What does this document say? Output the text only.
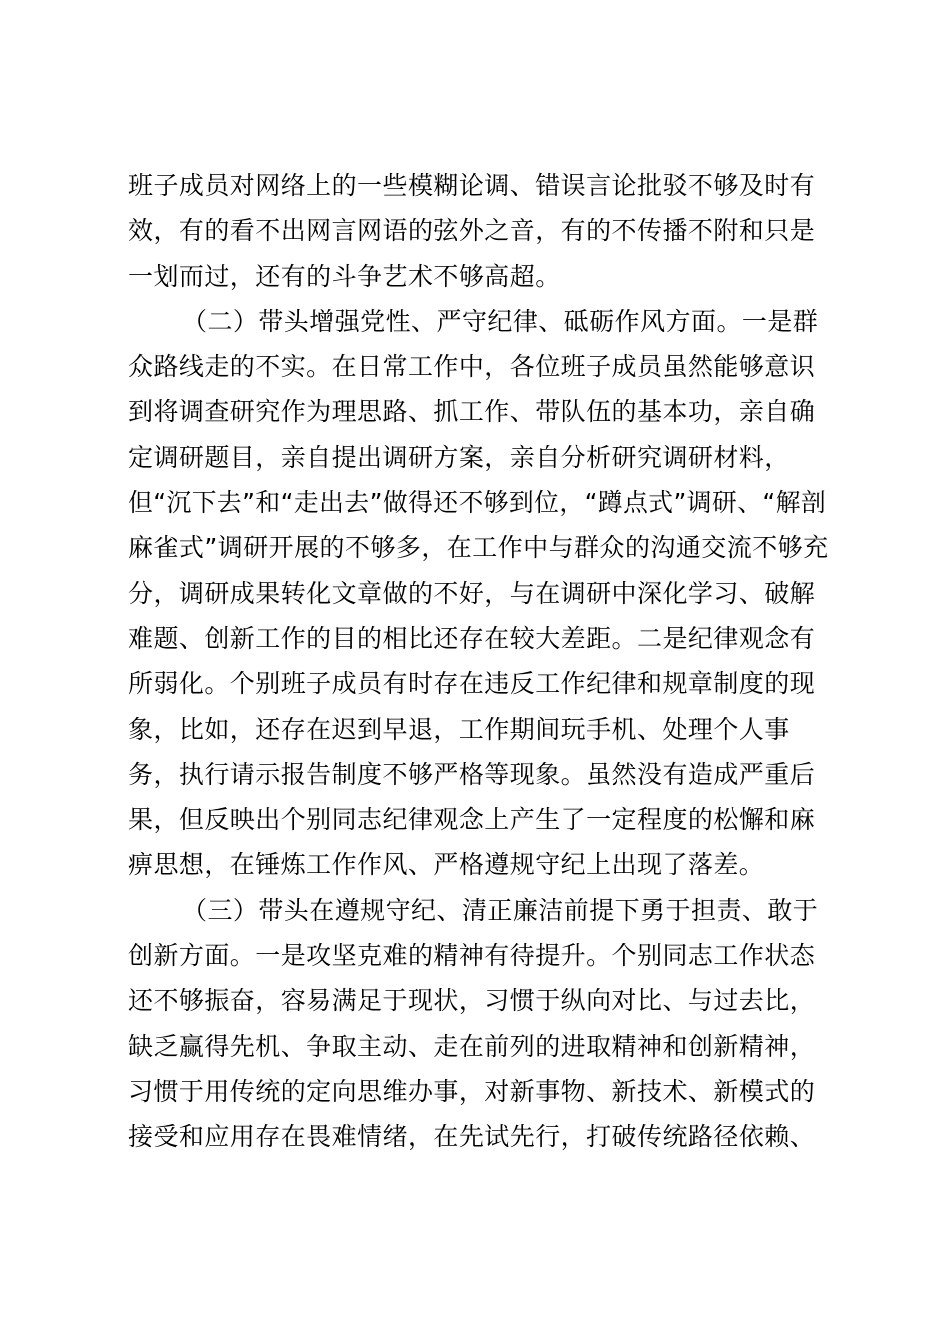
班子成员对网络上的一些模糊论调、错误言论批驳不够及时有
效，有的看不出网言网语的弦外之音，有的不传播不附和只是
一划而过，还有的斗争艺术不够高超。
（二）带头增强党性、严守纪律、砥砺作风方面。一是群
众路线走的不实。在日常工作中，各位班子成员虽然能够意识
到将调查研究作为理思路、抓工作、带队伍的基本功，亲自确
定调研题目，亲自提出调研方案，亲自分析研究调研材料，
但“沉下去”和“走出去”做得还不够到位，“蹲点式”调研、“解剖
麻雀式”调研开展的不够多，在工作中与群众的沟通交流不够充
分，调研成果转化文章做的不好，与在调研中深化学习、破解
难题、创新工作的目的相比还存在较大差距。二是纪律观念有
所弱化。个别班子成员有时存在违反工作纪律和规章制度的现
象，比如，还存在迟到早退，工作期间玩手机、处理个人事
务，执行请示报告制度不够严格等现象。虽然没有造成严重后
果，但反映出个别同志纪律观念上产生了一定程度的松懈和麻
痹思想，在锤炼工作作风、严格遵规守纪上出现了落差。
（三）带头在遵规守纪、清正廉洁前提下勇于担责、敢于
创新方面。一是攻坚克难的精神有待提升。个别同志工作状态
还不够振奋，容易满足于现状，习惯于纵向对比、与过去比，
缺乏赢得先机、争取主动、走在前列的进取精神和创新精神，
习惯于用传统的定向思维办事，对新事物、新技术、新模式的
接受和应用存在畏难情绪，在先试先行，打破传统路径依赖、
